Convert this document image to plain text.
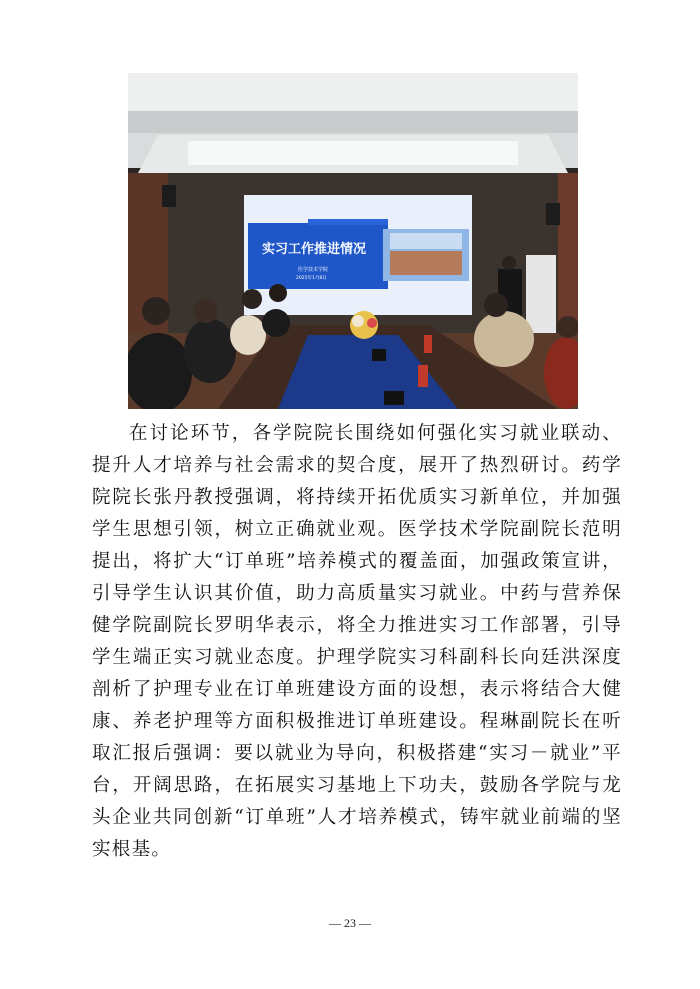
实习工作推进情况
医学技术学院
2025年1月8日

在讨论环节，各学院院长围绕如何强化实习就业联动、提升人才培养与社会需求的契合度，展开了热烈研讨。药学院院长张丹教授强调，将持续开拓优质实习新单位，并加强学生思想引领，树立正确就业观。医学技术学院副院长范明提出，将扩大“订单班”培养模式的覆盖面，加强政策宣讲，引导学生认识其价值，助力高质量实习就业。中药与营养保健学院副院长罗明华表示，将全力推进实习工作部署，引导学生端正实习就业态度。护理学院实习科副科长向廷洪深度剖析了护理专业在订单班建设方面的设想，表示将结合大健康、养老护理等方面积极推进订单班建设。程琳副院长在听取汇报后强调：要以就业为导向，积极搭建“实习－就业”平台，开阔思路，在拓展实习基地上下功夫，鼓励各学院与龙头企业共同创新“订单班”人才培养模式，铸牢就业前端的坚实根基。

— 23 —
